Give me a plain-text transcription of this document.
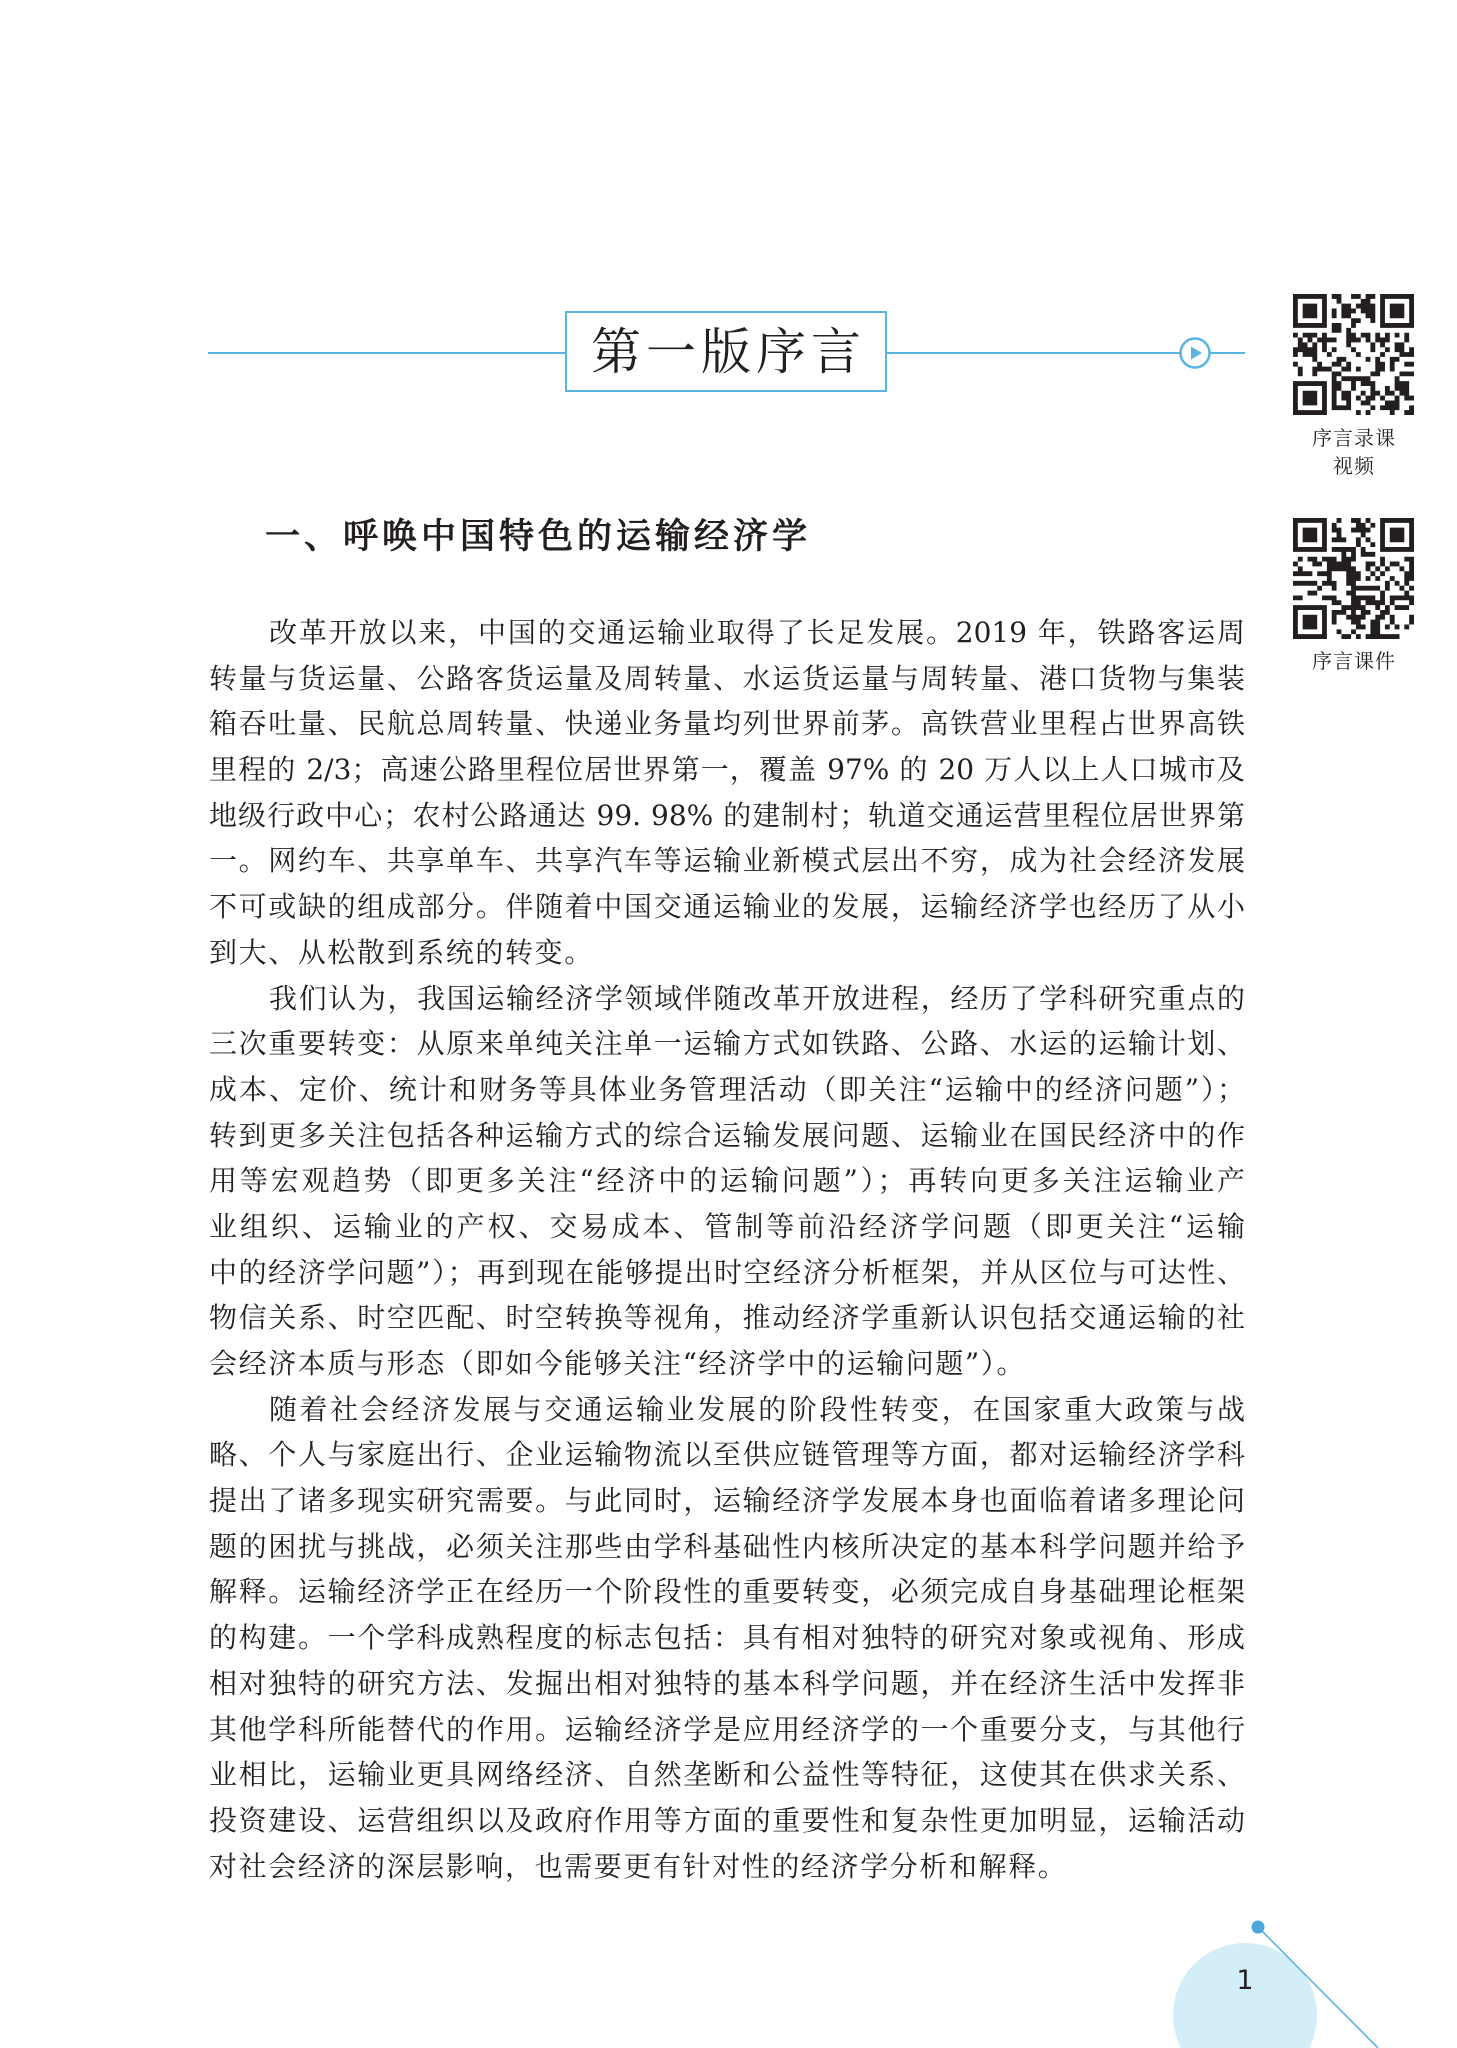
第一版序言
一、呼唤中国特色的运输经济学
改革开放以来，中国的交通运输业取得了长足发展。2019 年，铁路客运周
转量与货运量、公路客货运量及周转量、水运货运量与周转量、港口货物与集装
箱吞吐量、民航总周转量、快递业务量均列世界前茅。高铁营业里程占世界高铁
里程的 2/3；高速公路里程位居世界第一，覆盖 97% 的 20 万人以上人口城市及
地级行政中心；农村公路通达 99. 98% 的建制村；轨道交通运营里程位居世界第
一。网约车、共享单车、共享汽车等运输业新模式层出不穷，成为社会经济发展
不可或缺的组成部分。伴随着中国交通运输业的发展，运输经济学也经历了从小
到大、从松散到系统的转变。
我们认为，我国运输经济学领域伴随改革开放进程，经历了学科研究重点的
三次重要转变：从原来单纯关注单一运输方式如铁路、公路、水运的运输计划、
成本、定价、统计和财务等具体业务管理活动（即关注“运输中的经济问题”）；
转到更多关注包括各种运输方式的综合运输发展问题、运输业在国民经济中的作
用等宏观趋势（即更多关注“经济中的运输问题”）；再转向更多关注运输业产
业组织、运输业的产权、交易成本、管制等前沿经济学问题（即更关注“运输
中的经济学问题”）；再到现在能够提出时空经济分析框架，并从区位与可达性、
物信关系、时空匹配、时空转换等视角，推动经济学重新认识包括交通运输的社
会经济本质与形态（即如今能够关注“经济学中的运输问题”）。
随着社会经济发展与交通运输业发展的阶段性转变，在国家重大政策与战
略、个人与家庭出行、企业运输物流以至供应链管理等方面，都对运输经济学科
提出了诸多现实研究需要。与此同时，运输经济学发展本身也面临着诸多理论问
题的困扰与挑战，必须关注那些由学科基础性内核所决定的基本科学问题并给予
解释。运输经济学正在经历一个阶段性的重要转变，必须完成自身基础理论框架
的构建。一个学科成熟程度的标志包括：具有相对独特的研究对象或视角、形成
相对独特的研究方法、发掘出相对独特的基本科学问题，并在经济生活中发挥非
其他学科所能替代的作用。运输经济学是应用经济学的一个重要分支，与其他行
业相比，运输业更具网络经济、自然垄断和公益性等特征，这使其在供求关系、
投资建设、运营组织以及政府作用等方面的重要性和复杂性更加明显，运输活动
对社会经济的深层影响，也需要更有针对性的经济学分析和解释。
序言录课
视频
序言课件
1
